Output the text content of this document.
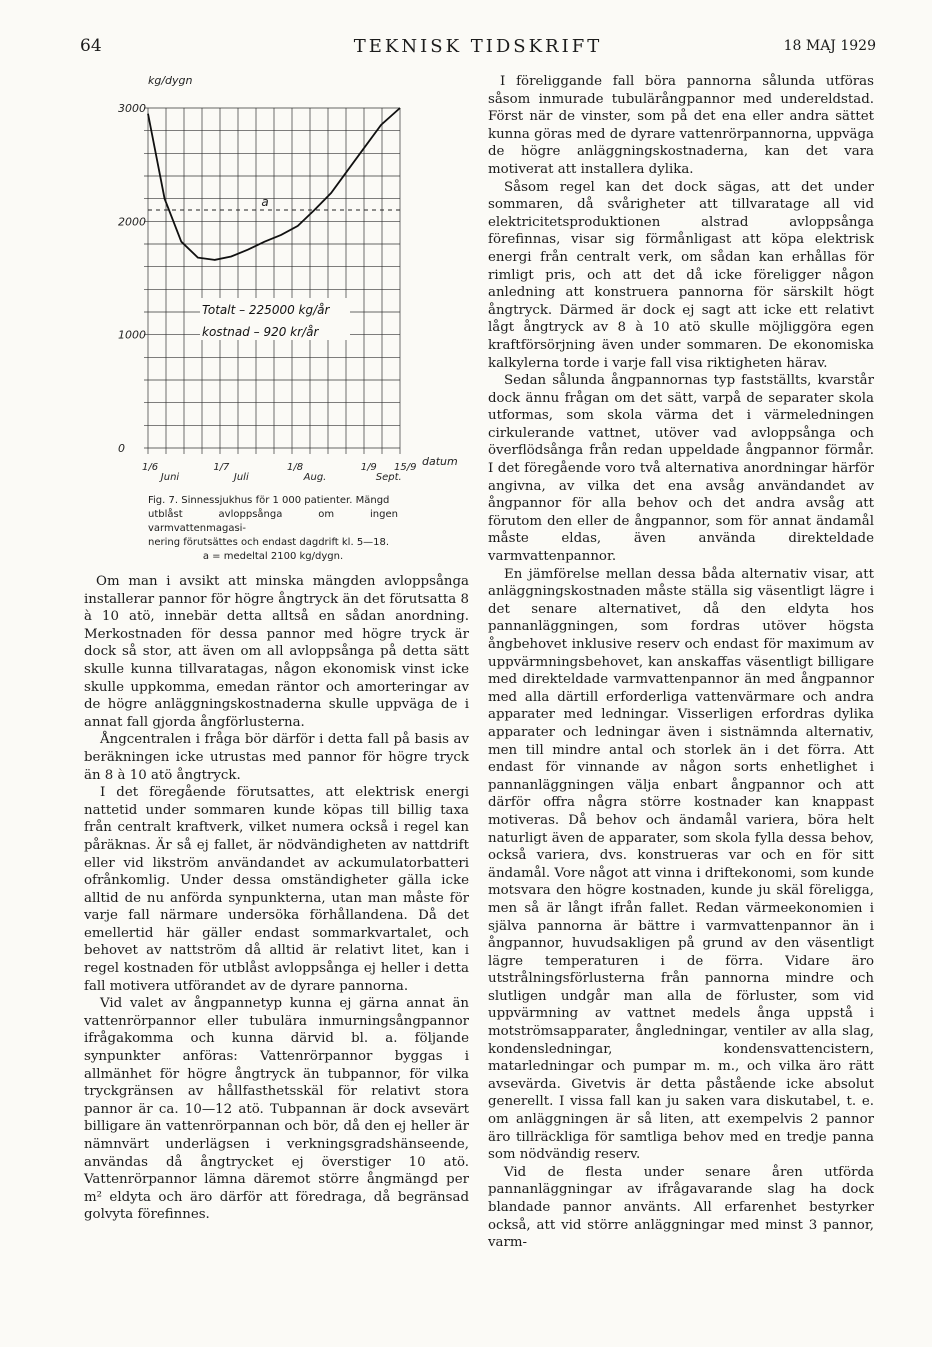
64	TEKNISK TIDSKRIFT	18 MAJ 1929
3000
2000
1000
0
1/6
Juni
1/7
Juli
1/8
Aug.
1/9
Sept.
15/9
a
kg/dygn
datum
Totalt – 225000 kg/år
kostnad – 920 kr/år
Fig. 7. Sinnessjukhus för 1 000 patienter. Mängd
utblåst avloppsånga om ingen varmvattenmagasi-
nering förutsättes och endast dagdrift kl. 5—18.
a = medeltal 2100 kg/dygn.

Om man i avsikt att minska mängden avloppsånga installerar pannor för högre ångtryck än det förutsatta 8 à 10 atö, innebär detta alltså en sådan anordning. Merkostnaden för dessa pannor med högre tryck är dock så stor, att även om all avloppsånga på detta sätt skulle kunna tillvaratagas, någon ekonomisk vinst icke skulle uppkomma, emedan räntor och amorteringar av de högre anläggningskostnaderna skulle uppväga de i annat fall gjorda ångförlusterna.

Ångcentralen i fråga bör därför i detta fall på basis av beräkningen icke utrustas med pannor för högre tryck än 8 à 10 atö ångtryck.

I det föregående förutsattes, att elektrisk energi nattetid under sommaren kunde köpas till billig taxa från centralt kraftverk, vilket numera också i regel kan påräknas. Är så ej fallet, är nödvändigheten av nattdrift eller vid likström användandet av ackumulatorbatteri ofrånkomlig. Under dessa omständigheter gälla icke alltid de nu anförda synpunkterna, utan man måste för varje fall närmare undersöka förhållandena. Då det emellertid här gäller endast sommarkvartalet, och behovet av nattström då alltid är relativt litet, kan i regel kostnaden för utblåst avloppsånga ej heller i detta fall motivera utförandet av de dyrare pannorna.

Vid valet av ångpannetyp kunna ej gärna annat än vattenrörpannor eller tubulära inmurningsångpannor ifrågakomma och kunna därvid bl. a. följande synpunkter anföras: Vattenrörpannor byggas i allmänhet för högre ångtryck än tubpannor, för vilka tryckgränsen av hållfasthetsskäl för relativt stora pannor är ca. 10—12 atö. Tubpannan är dock avsevärt billigare än vattenrörpannan och bör, då den ej heller är nämnvärt underlägsen i verkningsgradshänseende, användas då ångtrycket ej överstiger 10 atö. Vattenrörpannor lämna däremot större ångmängd per m² eldyta och äro därför att föredraga, då begränsad golvyta förefinnes.

I föreliggande fall böra pannorna sålunda utföras såsom inmurade tubulärångpannor med undereldstad. Först när de vinster, som på det ena eller andra sättet kunna göras med de dyrare vattenrörpannorna, uppväga de högre anläggningskostnaderna, kan det vara motiverat att installera dylika.

Såsom regel kan det dock sägas, att det under sommaren, då svårigheter att tillvaratage all vid elektricitetsproduktionen alstrad avloppsånga förefinnas, visar sig förmånligast att köpa elektrisk energi från centralt verk, om sådan kan erhållas för rimligt pris, och att det då icke föreligger någon anledning att konstruera pannorna för särskilt högt ångtryck. Därmed är dock ej sagt att icke ett relativt lågt ångtryck av 8 à 10 atö skulle möjliggöra egen kraftförsörjning även under sommaren. De ekonomiska kalkylerna torde i varje fall visa riktigheten härav.

Sedan sålunda ångpannornas typ fastställts, kvarstår dock ännu frågan om det sätt, varpå de separater skola utformas, som skola värma det i värmeledningen cirkulerande vattnet, utöver vad avloppsånga och överflödsånga från redan uppeldade ångpannor förmår. I det föregående voro två alternativa anordningar härför angivna, av vilka det ena avsåg användandet av ångpannor för alla behov och det andra avsåg att förutom den eller de ångpannor, som för annat ändamål måste eldas, även använda direkteldade varmvattenpannor.

En jämförelse mellan dessa båda alternativ visar, att anläggningskostnaden måste ställa sig väsentligt lägre i det senare alternativet, då den eldyta hos pannanläggningen, som fordras utöver högsta ångbehovet inklusive reserv och endast för maximum av uppvärmningsbehovet, kan anskaffas väsentligt billigare med direkteldade varmvattenpannor än med ångpannor med alla därtill erforderliga vattenvärmare och andra apparater med ledningar. Visserligen erfordras dylika apparater och ledningar även i sistnämnda alternativ, men till mindre antal och storlek än i det förra. Att endast för vinnande av någon sorts enhetlighet i pannanläggningen välja enbart ångpannor och att därför offra några större kostnader kan knappast motiveras. Då behov och ändamål variera, böra helt naturligt även de apparater, som skola fylla dessa behov, också variera, dvs. konstrueras var och en för sitt ändamål. Vore något att vinna i driftekonomi, som kunde motsvara den högre kostnaden, kunde ju skäl föreligga, men så är långt ifrån fallet. Redan värmeekonomien i själva pannorna är bättre i varmvattenpannor än i ångpannor, huvudsakligen på grund av den väsentligt lägre temperaturen i de förra. Vidare äro utstrålningsförlusterna från pannorna mindre och slutligen undgår man alla de förluster, som vid uppvärmning av vattnet medels ånga uppstå i motströmsapparater, ångledningar, ventiler av alla slag, kondensledningar, kondensvattencistern, matarledningar och pumpar m. m., och vilka äro rätt avsevärda. Givetvis är detta påstående icke absolut generellt. I vissa fall kan ju saken vara diskutabel, t. e. om anläggningen är så liten, att exempelvis 2 pannor äro tillräckliga för samtliga behov med en tredje panna som nödvändig reserv.

Vid de flesta under senare åren utförda pannanläggningar av ifrågavarande slag ha dock blandade pannor använts. All erfarenhet bestyrker också, att vid större anläggningar med minst 3 pannor, varm-
